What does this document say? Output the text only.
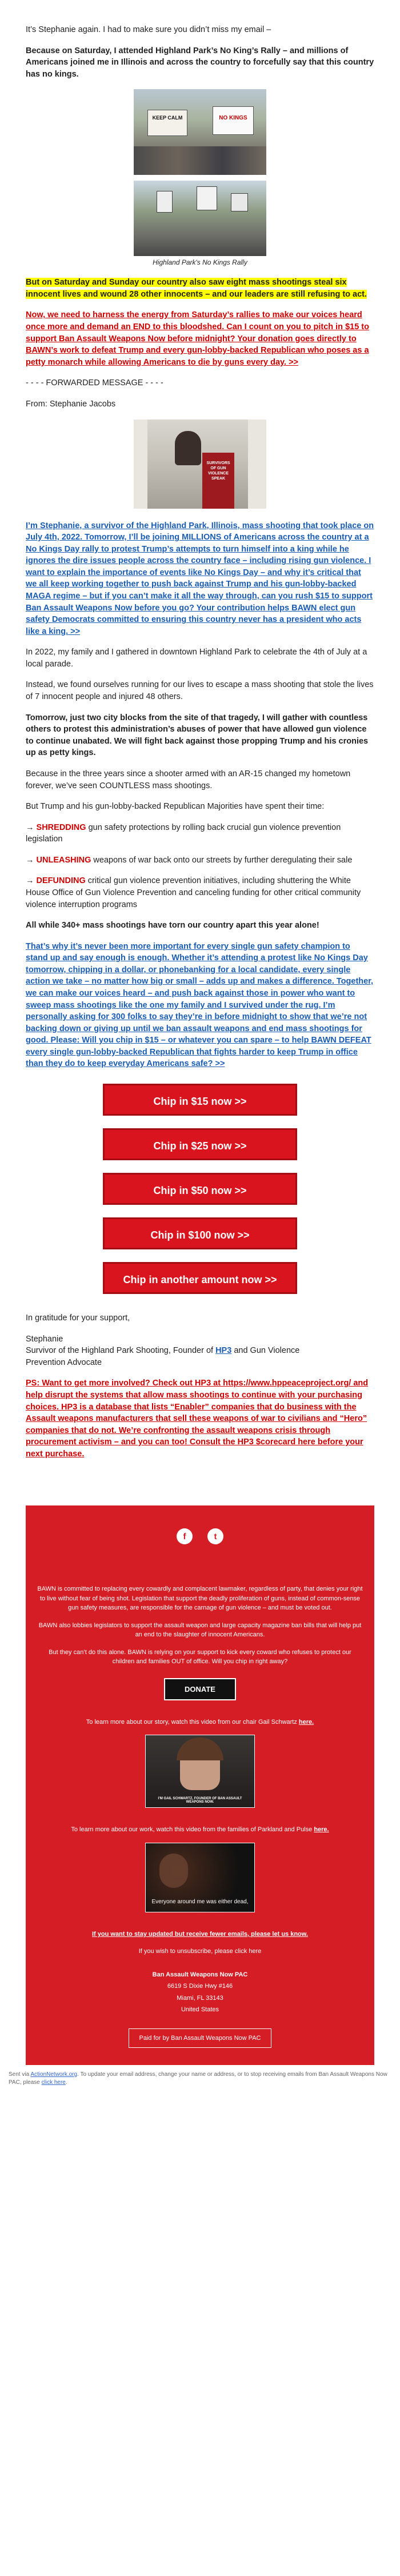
It’s Stephanie again. I had to make sure you didn’t miss my email –

Because on Saturday, I attended Highland Park’s No King’s Rally – and millions of Americans joined me in Illinois and across the country to forcefully say that this country has no kings.

KEEP CALM	NO KINGS
Highland Park's No Kings Rally

But on Saturday and Sunday our country also saw eight mass shootings steal six innocent lives and wound 28 other innocents – and our leaders are still refusing to act.

Now, we need to harness the energy from Saturday’s rallies to make our voices heard once more and demand an END to this bloodshed. Can I count on you to pitch in $15 to support Ban Assault Weapons Now before midnight? Your donation goes directly to BAWN’s work to defeat Trump and every gun-lobby-backed Republican who poses as a petty monarch while allowing Americans to die by guns every day. >>

- - - - FORWARDED MESSAGE - - - -

From: Stephanie Jacobs

SURVIVORS OF GUN VIOLENCE SPEAK

I’m Stephanie, a survivor of the Highland Park, Illinois, mass shooting that took place on July 4th, 2022. Tomorrow, I’ll be joining MILLIONS of Americans across the country at a No Kings Day rally to protest Trump’s attempts to turn himself into a king while he ignores the dire issues people across the country face – including rising gun violence. I want to explain the importance of events like No Kings Day – and why it’s critical that we all keep working together to push back against Trump and his gun-lobby-backed MAGA regime – but if you can’t make it all the way through, can you rush $15 to support Ban Assault Weapons Now before you go? Your contribution helps BAWN elect gun safety Democrats committed to ensuring this country never has a president who acts like a king. >>

In 2022, my family and I gathered in downtown Highland Park to celebrate the 4th of July at a local parade.

Instead, we found ourselves running for our lives to escape a mass shooting that stole the lives of 7 innocent people and injured 48 others.

Tomorrow, just two city blocks from the site of that tragedy, I will gather with countless others to protest this administration’s abuses of power that have allowed gun violence to continue unabated. We will fight back against those propping Trump and his cronies up as petty kings.

Because in the three years since a shooter armed with an AR-15 changed my hometown forever, we’ve seen COUNTLESS mass shootings.

But Trump and his gun-lobby-backed Republican Majorities have spent their time:

→ SHREDDING gun safety protections by rolling back crucial gun violence prevention legislation

→ UNLEASHING weapons of war back onto our streets by further deregulating their sale

→ DEFUNDING critical gun violence prevention initiatives, including shuttering the White House Office of Gun Violence Prevention and canceling funding for other critical community violence interruption programs

All while 340+ mass shootings have torn our country apart this year alone!

That’s why it’s never been more important for every single gun safety champion to stand up and say enough is enough. Whether it’s attending a protest like No Kings Day tomorrow, chipping in a dollar, or phonebanking for a local candidate, every single action we take – no matter how big or small – adds up and makes a difference. Together, we can make our voices heard – and push back against those in power who want to sweep mass shootings like the one my family and I survived under the rug. I’m personally asking for 300 folks to say they’re in before midnight to show that we’re not backing down or giving up until we ban assault weapons and end mass shootings for good. Please: Will you chip in $15 – or whatever you can spare – to help BAWN DEFEAT every single gun-lobby-backed Republican that fights harder to keep Trump in office than they do to keep everyday Americans safe? >>

Chip in $15 now >>
Chip in $25 now >>
Chip in $50 now >>
Chip in $100 now >>
Chip in another amount now >>

In gratitude for your support,

Stephanie
Survivor of the Highland Park Shooting, Founder of HP3 and Gun Violence
Prevention Advocate

PS: Want to get more involved? Check out HP3 at https://www.hppeaceproject.org/ and help disrupt the systems that allow mass shootings to continue with your purchasing choices. HP3 is a database that lists “Enabler” companies that do business with the Assault weapons manufacturers that sell these weapons of war to civilians and “Hero” companies that do not. We’re confronting the assault weapons crisis through procurement activism – and you can too! Consult the HP3 $corecard here before your next purchase.

f	t

BAWN is committed to replacing every cowardly and complacent lawmaker, regardless of party, that denies your right to live without fear of being shot. Legislation that support the deadly proliferation of guns, instead of common-sense gun safety measures, are responsible for the carnage of gun violence – and must be voted out.

BAWN also lobbies legislators to support the assault weapon and large capacity magazine ban bills that will help put an end to the slaughter of innocent Americans.

But they can’t do this alone. BAWN is relying on your support to kick every coward who refuses to protect our children and families OUT of office. Will you chip in right away?

DONATE

To learn more about our story, watch this video from our chair Gail Schwartz here.

I’M GAIL SCHWARTZ, FOUNDER OF BAN ASSAULT WEAPONS NOW.

To learn more about our work, watch this video from the families of Parkland and Pulse here.

Everyone around me was either dead,

If you want to stay updated but receive fewer emails, please let us know.

If you wish to unsubscribe, please click here

Ban Assault Weapons Now PAC

6619 S Dixie Hwy #146

Miami, FL 33143

United States

Paid for by Ban Assault Weapons Now PAC
Sent via ActionNetwork.org. To update your email address, change your name or address, or to stop receiving emails from Ban Assault Weapons Now PAC, please click here.
